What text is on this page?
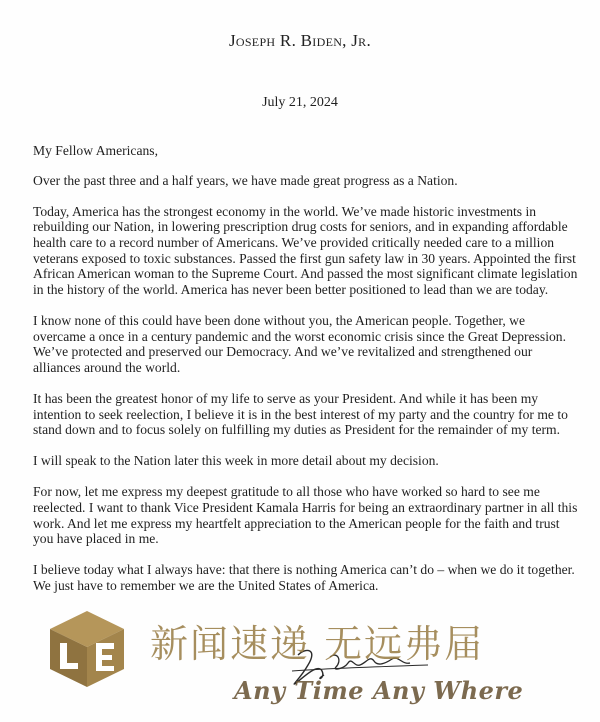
Joseph R. Biden, Jr.
July 21, 2024

My Fellow Americans,

Over the past three and a half years, we have made great progress as a Nation.

Today, America has the strongest economy in the world. We’ve made historic investments in rebuilding our Nation, in lowering prescription drug costs for seniors, and in expanding affordable health care to a record number of Americans. We’ve provided critically needed care to a million veterans exposed to toxic substances. Passed the first gun safety law in 30 years. Appointed the first African American woman to the Supreme Court. And passed the most significant climate legislation in the history of the world. America has never been better positioned to lead than we are today.

I know none of this could have been done without you, the American people. Together, we overcame a once in a century pandemic and the worst economic crisis since the Great Depression. We’ve protected and preserved our Democracy. And we’ve revitalized and strengthened our alliances around the world.

It has been the greatest honor of my life to serve as your President. And while it has been my intention to seek reelection, I believe it is in the best interest of my party and the country for me to stand down and to focus solely on fulfilling my duties as President for the remainder of my term.

I will speak to the Nation later this week in more detail about my decision.

For now, let me express my deepest gratitude to all those who have worked so hard to see me reelected. I want to thank Vice President Kamala Harris for being an extraordinary partner in all this work. And let me express my heartfelt appreciation to the American people for the faith and trust you have placed in me.

I believe today what I always have: that there is nothing America can’t do – when we do it together. We just have to remember we are the United States of America.

新闻速递 无远弗届
Any Time Any Where
